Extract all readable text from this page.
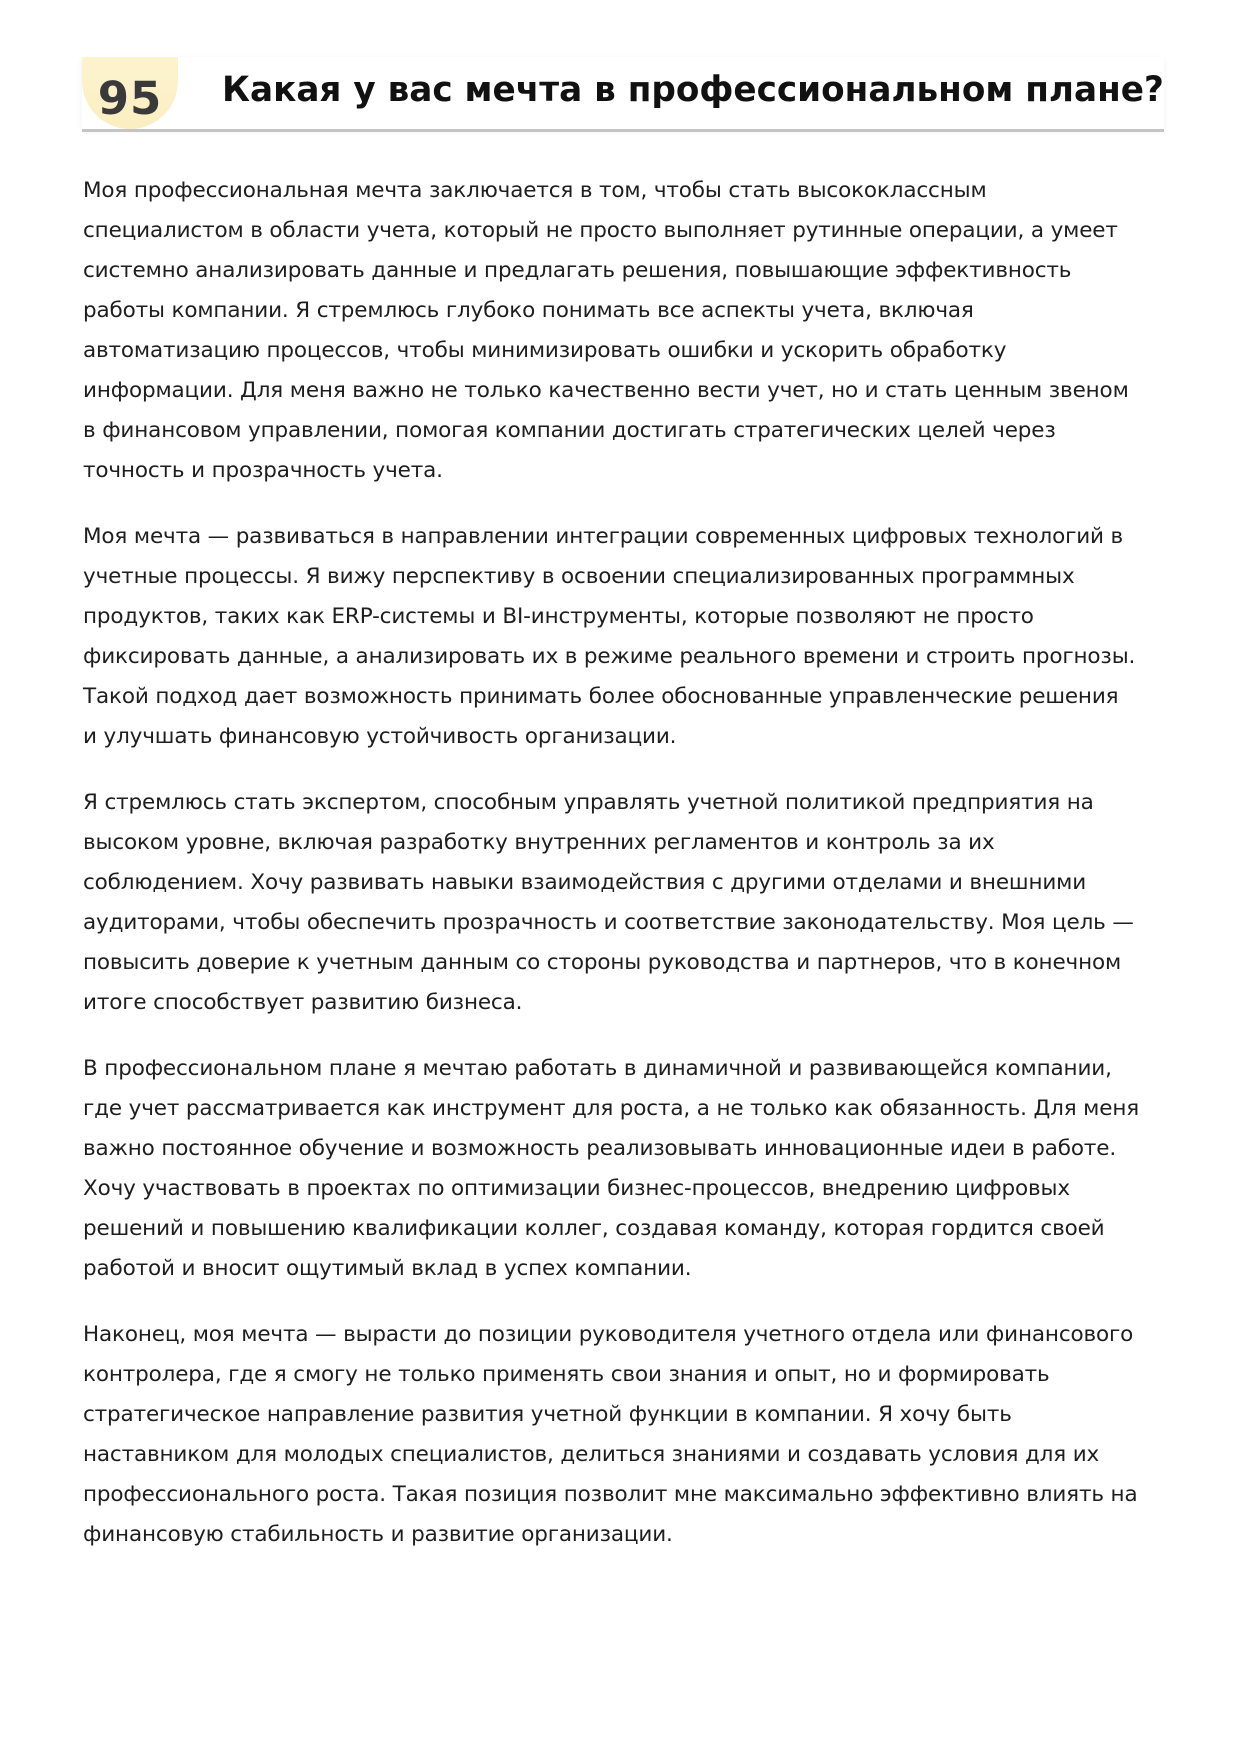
95	Какая у вас мечта в профессиональном плане?

Моя профессиональная мечта заключается в том, чтобы стать высококлассным
специалистом в области учета, который не просто выполняет рутинные операции, а умеет
системно анализировать данные и предлагать решения, повышающие эффективность
работы компании. Я стремлюсь глубоко понимать все аспекты учета, включая
автоматизацию процессов, чтобы минимизировать ошибки и ускорить обработку
информации. Для меня важно не только качественно вести учет, но и стать ценным звеном
в финансовом управлении, помогая компании достигать стратегических целей через
точность и прозрачность учета.

Моя мечта — развиваться в направлении интеграции современных цифровых технологий в
учетные процессы. Я вижу перспективу в освоении специализированных программных
продуктов, таких как ERP-системы и BI-инструменты, которые позволяют не просто
фиксировать данные, а анализировать их в режиме реального времени и строить прогнозы.
Такой подход дает возможность принимать более обоснованные управленческие решения
и улучшать финансовую устойчивость организации.

Я стремлюсь стать экспертом, способным управлять учетной политикой предприятия на
высоком уровне, включая разработку внутренних регламентов и контроль за их
соблюдением. Хочу развивать навыки взаимодействия с другими отделами и внешними
аудиторами, чтобы обеспечить прозрачность и соответствие законодательству. Моя цель —
повысить доверие к учетным данным со стороны руководства и партнеров, что в конечном
итоге способствует развитию бизнеса.

В профессиональном плане я мечтаю работать в динамичной и развивающейся компании,
где учет рассматривается как инструмент для роста, а не только как обязанность. Для меня
важно постоянное обучение и возможность реализовывать инновационные идеи в работе.
Хочу участвовать в проектах по оптимизации бизнес-процессов, внедрению цифровых
решений и повышению квалификации коллег, создавая команду, которая гордится своей
работой и вносит ощутимый вклад в успех компании.

Наконец, моя мечта — вырасти до позиции руководителя учетного отдела или финансового
контролера, где я смогу не только применять свои знания и опыт, но и формировать
стратегическое направление развития учетной функции в компании. Я хочу быть
наставником для молодых специалистов, делиться знаниями и создавать условия для их
профессионального роста. Такая позиция позволит мне максимально эффективно влиять на
финансовую стабильность и развитие организации.
